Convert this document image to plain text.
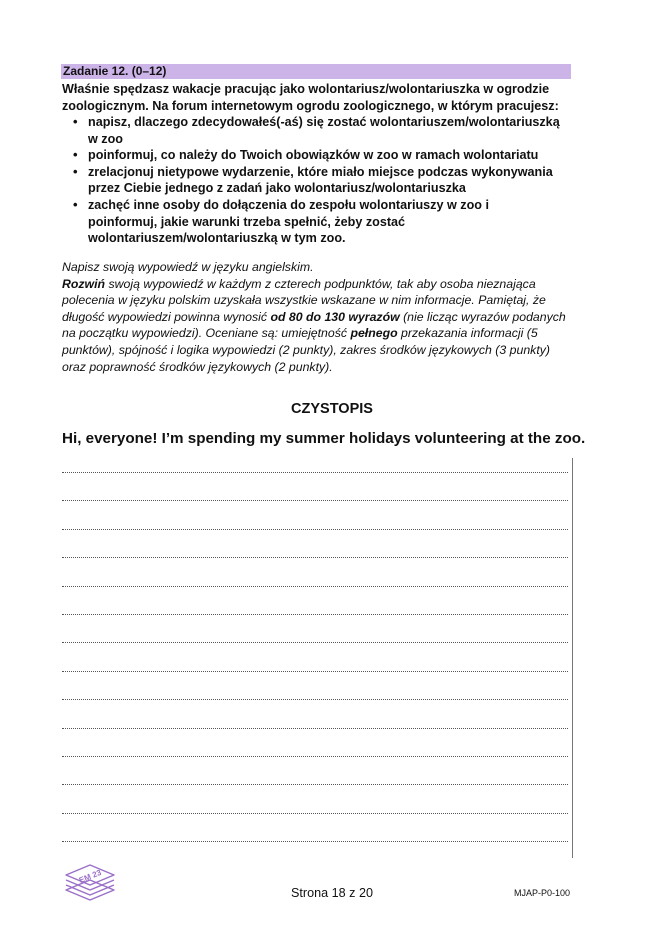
Zadanie 12. (0–12)

Właśnie spędzasz wakacje pracując jako wolontariusz/wolontariuszka w ogrodzie zoologicznym. Na forum internetowym ogrodu zoologicznego, w którym pracujesz:

• napisz, dlaczego zdecydowałeś(-aś) się zostać wolontariuszem/wolontariuszką w zoo
• poinformuj, co należy do Twoich obowiązków w zoo w ramach wolontariatu
• zrelacjonuj nietypowe wydarzenie, które miało miejsce podczas wykonywania przez Ciebie jednego z zadań jako wolontariusz/wolontariuszka
• zachęć inne osoby do dołączenia do zespołu wolontariuszy w zoo i poinformuj, jakie warunki trzeba spełnić, żeby zostać wolontariuszem/wolontariuszką w tym zoo.

Napisz swoją wypowiedź w języku angielskim.

Rozwiń swoją wypowiedź w każdym z czterech podpunktów, tak aby osoba nieznająca polecenia w języku polskim uzyskała wszystkie wskazane w nim informacje. Pamiętaj, że długość wypowiedzi powinna wynosić od 80 do 130 wyrazów (nie licząc wyrazów podanych na początku wypowiedzi). Oceniane są: umiejętność pełnego przekazania informacji (5 punktów), spójność i logika wypowiedzi (2 punkty), zakres środków językowych (3 punkty) oraz poprawność środków językowych (2 punkty).

CZYSTOPIS
Hi, everyone! I’m spending my summer holidays volunteering at the zoo.
EM 23
Strona 18 z 20	MJAP-P0-100
